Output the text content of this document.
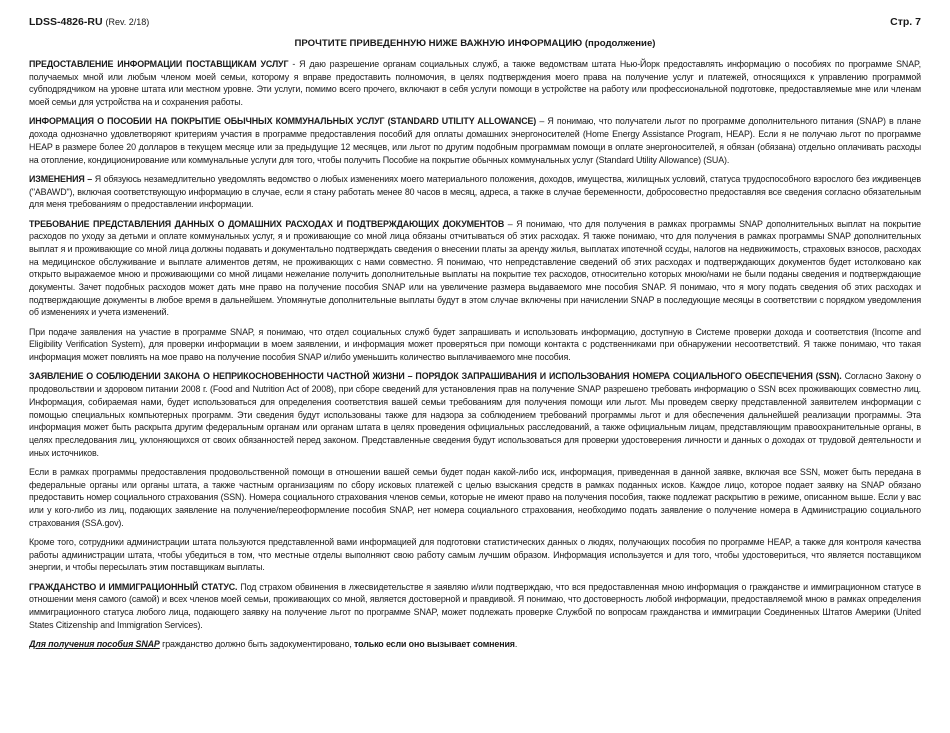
LDSS-4826-RU (Rev. 2/18)	Стр. 7
ПРОЧТИТЕ ПРИВЕДЕННУЮ НИЖЕ ВАЖНУЮ ИНФОРМАЦИЮ (продолжение)

ПРЕДОСТАВЛЕНИЕ ИНФОРМАЦИИ ПОСТАВЩИКАМ УСЛУГ - Я даю разрешение органам социальных служб, а также ведомствам штата Нью-Йорк предоставлять информацию о пособиях по программе SNAP, получаемых мной или любым членом моей семьи, которому я вправе предоставить полномочия, в целях подтверждения моего права на получение услуг и платежей, относящихся к управлению программой субподрядчиком на уровне штата или местном уровне. Эти услуги, помимо всего прочего, включают в себя услуги помощи в устройстве на работу или профессиональной подготовке, предоставляемые мне или членам моей семьи для устройства на и сохранения работы.

ИНФОРМАЦИЯ О ПОСОБИИ НА ПОКРЫТИЕ ОБЫЧНЫХ КОММУНАЛЬНЫХ УСЛУГ (STANDARD UTILITY ALLOWANCE) – Я понимаю, что получатели льгот по программе дополнительного питания (SNAP) в плане дохода однозначно удовлетворяют критериям участия в программе предоставления пособий для оплаты домашних энергоносителей (Home Energy Assistance Program, HEAP). Если я не получаю льгот по программе HEAP в размере более 20 долларов в текущем месяце или за предыдущие 12 месяцев, или льгот по другим подобным программам помощи в оплате энергоносителей, я обязан (обязана) отдельно оплачивать расходы на отопление, кондиционирование или коммунальные услуги для того, чтобы получить Пособие на покрытие обычных коммунальных услуг (Standard Utility Allowance) (SUA).

ИЗМЕНЕНИЯ – Я обязуюсь незамедлительно уведомлять ведомство о любых изменениях моего материального положения, доходов, имущества, жилищных условий, статуса трудоспособного взрослого без иждивенцев ("ABAWD"), включая соответствующую информацию в случае, если я стану работать менее 80 часов в месяц, адреса, а также в случае беременности, добросовестно предоставляя все сведения согласно обязательным для меня требованиям о предоставлении информации.

ТРЕБОВАНИЕ ПРЕДСТАВЛЕНИЯ ДАННЫХ О ДОМАШНИХ РАСХОДАХ И ПОДТВЕРЖДАЮЩИХ ДОКУМЕНТОВ – Я понимаю, что для получения в рамках программы SNAP дополнительных выплат на покрытие расходов по уходу за детьми и оплате коммунальных услуг, я и проживающие со мной лица обязаны отчитываться об этих расходах. Я также понимаю, что для получения в рамках программы SNAP дополнительных выплат я и проживающие со мной лица должны подавать и документально подтверждать сведения о внесении платы за аренду жилья, выплатах ипотечной ссуды, налогов на недвижимость, страховых взносов, расходах на медицинское обслуживание и выплате алиментов детям, не проживающих с нами совместно. Я понимаю, что непредставление сведений об этих расходах и подтверждающих документов будет истолковано как открыто выражаемое мною и проживающими со мной лицами нежелание получить дополнительные выплаты на покрытие тех расходов, относительно которых мною/нами не были поданы сведения и подтверждающие документы. Зачет подобных расходов может дать мне право на получение пособия SNAP или на увеличение размера выдаваемого мне пособия SNAP. Я понимаю, что я могу подать сведения об этих расходах и подтверждающие документы в любое время в дальнейшем. Упомянутые дополнительные выплаты будут в этом случае включены при начислении SNAP в последующие месяцы в соответствии с порядком уведомления об изменениях и учета изменений.

При подаче заявления на участие в программе SNAP, я понимаю, что отдел социальных служб будет запрашивать и использовать информацию, доступную в Системе проверки дохода и соответствия (Income and Eligibility Verification System), для проверки информации в моем заявлении, и информация может проверяться при помощи контакта с родственниками при обнаружении несоответствий. Я также понимаю, что такая информация может повлиять на мое право на получение пособия SNAP и/либо уменьшить количество выплачиваемого мне пособия.

ЗАЯВЛЕНИЕ О СОБЛЮДЕНИИ ЗАКОНА О НЕПРИКОСНОВЕННОСТИ ЧАСТНОЙ ЖИЗНИ – ПОРЯДОК ЗАПРАШИВАНИЯ И ИСПОЛЬЗОВАНИЯ НОМЕРА СОЦИАЛЬНОГО ОБЕСПЕЧЕНИЯ (SSN). Согласно Закону о продовольствии и здоровом питании 2008 г. (Food and Nutrition Act of 2008), при сборе сведений для установления прав на получение SNAP разрешено требовать информацию о SSN всех проживающих совместно лиц. Информация, собираемая нами, будет использоваться для определения соответствия вашей семьи требованиям для получения помощи или льгот. Мы проведем сверку представленной заявителем информации с помощью специальных компьютерных программ. Эти сведения будут использованы также для надзора за соблюдением требований программы льгот и для обеспечения дальнейшей реализации программы. Эта информация может быть раскрыта другим федеральным органам или органам штата в целях проведения официальных расследований, а также официальным лицам, представляющим правоохранительные органы, в целях преследования лиц, уклоняющихся от своих обязанностей перед законом. Представленные сведения будут использоваться для проверки удостоверения личности и данных о доходах от трудовой деятельности и иных источников.

Если в рамках программы предоставления продовольственной помощи в отношении вашей семьи будет подан какой-либо иск, информация, приведенная в данной заявке, включая все SSN, может быть передана в федеральные органы или органы штата, а также частным организациям по сбору исковых платежей с целью взыскания средств в рамках поданных исков. Каждое лицо, которое подает заявку на SNAP обязано предоставить номер социального страхования (SSN). Номера социального страхования членов семьи, которые не имеют право на получения пособия, также подлежат раскрытию в режиме, описанном выше. Если у вас или у кого-либо из лиц, подающих заявление на получение/переоформление пособия SNAP, нет номера социального страхования, необходимо подать заявление о получение номера в Администрацию социального страхования (SSA.gov).

Кроме того, сотрудники администрации штата пользуются представленной вами информацией для подготовки статистических данных о людях, получающих пособия по программе HEAP, а также для контроля качества работы администрации штата, чтобы убедиться в том, что местные отделы выполняют свою работу самым лучшим образом. Информация используется и для того, чтобы удостовериться, что является поставщиком энергии, и чтобы пересылать этим поставщикам выплаты.

ГРАЖДАНСТВО И ИММИГРАЦИОННЫЙ СТАТУС. Под страхом обвинения в лжесвидетельстве я заявляю и/или подтверждаю, что вся предоставленная мною информация о гражданстве и иммиграционном статусе в отношении меня самого (самой) и всех членов моей семьи, проживающих со мной, является достоверной и правдивой. Я понимаю, что достоверность любой информации, предоставляемой мною в рамках определения иммиграционного статуса любого лица, подающего заявку на получение льгот по программе SNAP, может подлежать проверке Службой по вопросам гражданства и иммиграции Соединенных Штатов Америки (United States Citizenship and Immigration Services).

Для получения пособия SNAP гражданство должно быть задокументировано, только если оно вызывает сомнения.
